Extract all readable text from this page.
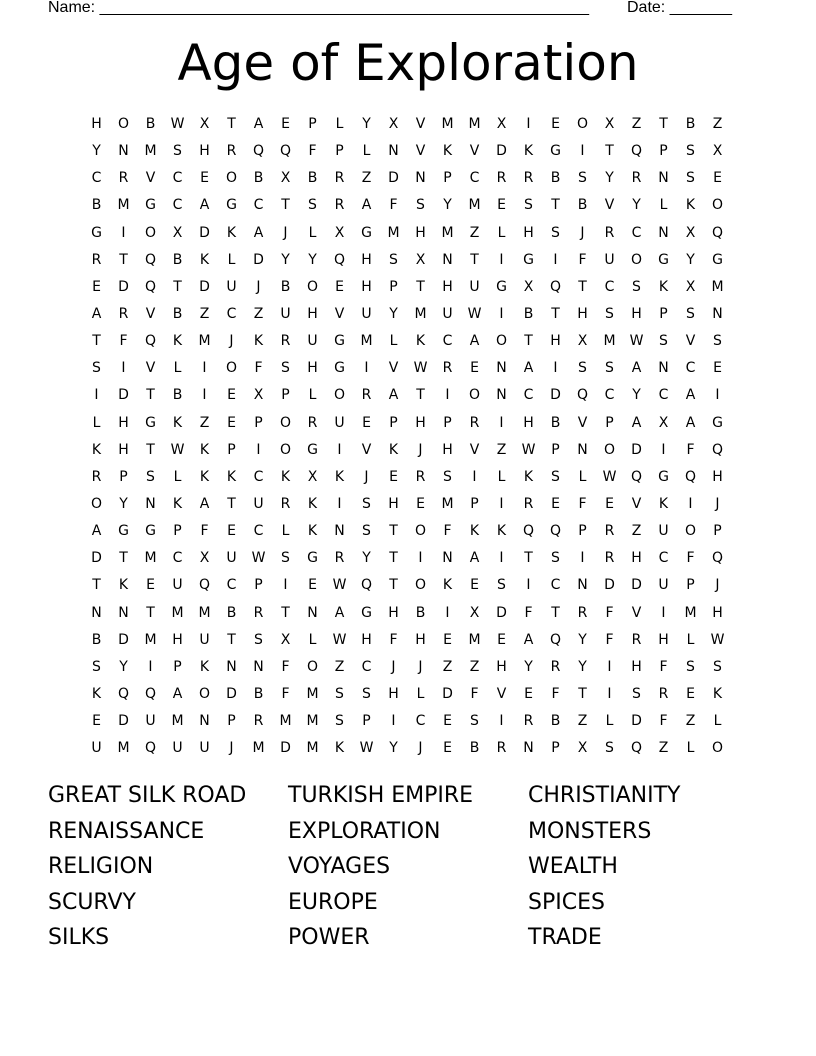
Name: _______________________________________________________ Date: _______
Age of Exploration
H	O	B	W	X	T	A	E	P	L	Y	X	V	M	M	X	I	E	O	X	Z	T	B	Z
Y	N	M	S	H	R	Q	Q	F	P	L	N	V	K	V	D	K	G	I	T	Q	P	S	X
C	R	V	C	E	O	B	X	B	R	Z	D	N	P	C	R	R	B	S	Y	R	N	S	E
B	M	G	C	A	G	C	T	S	R	A	F	S	Y	M	E	S	T	B	V	Y	L	K	O
G	I	O	X	D	K	A	J	L	X	G	M	H	M	Z	L	H	S	J	R	C	N	X	Q
R	T	Q	B	K	L	D	Y	Y	Q	H	S	X	N	T	I	G	I	F	U	O	G	Y	G
E	D	Q	T	D	U	J	B	O	E	H	P	T	H	U	G	X	Q	T	C	S	K	X	M
A	R	V	B	Z	C	Z	U	H	V	U	Y	M	U	W	I	B	T	H	S	H	P	S	N
T	F	Q	K	M	J	K	R	U	G	M	L	K	C	A	O	T	H	X	M	W	S	V	S
S	I	V	L	I	O	F	S	H	G	I	V	W	R	E	N	A	I	S	S	A	N	C	E
I	D	T	B	I	E	X	P	L	O	R	A	T	I	O	N	C	D	Q	C	Y	C	A	I
L	H	G	K	Z	E	P	O	R	U	E	P	H	P	R	I	H	B	V	P	A	X	A	G
K	H	T	W	K	P	I	O	G	I	V	K	J	H	V	Z	W	P	N	O	D	I	F	Q
R	P	S	L	K	K	C	K	X	K	J	E	R	S	I	L	K	S	L	W	Q	G	Q	H
O	Y	N	K	A	T	U	R	K	I	S	H	E	M	P	I	R	E	F	E	V	K	I	J
A	G	G	P	F	E	C	L	K	N	S	T	O	F	K	K	Q	Q	P	R	Z	U	O	P
D	T	M	C	X	U	W	S	G	R	Y	T	I	N	A	I	T	S	I	R	H	C	F	Q
T	K	E	U	Q	C	P	I	E	W	Q	T	O	K	E	S	I	C	N	D	D	U	P	J
N	N	T	M	M	B	R	T	N	A	G	H	B	I	X	D	F	T	R	F	V	I	M	H
B	D	M	H	U	T	S	X	L	W	H	F	H	E	M	E	A	Q	Y	F	R	H	L	W
S	Y	I	P	K	N	N	F	O	Z	C	J	J	Z	Z	H	Y	R	Y	I	H	F	S	S
K	Q	Q	A	O	D	B	F	M	S	S	H	L	D	F	V	E	F	T	I	S	R	E	K
E	D	U	M	N	P	R	M	M	S	P	I	C	E	S	I	R	B	Z	L	D	F	Z	L
U	M	Q	U	U	J	M	D	M	K	W	Y	J	E	B	R	N	P	X	S	Q	Z	L	O
GREAT SILK ROAD	TURKISH EMPIRE	CHRISTIANITY
RENAISSANCE	EXPLORATION	MONSTERS
RELIGION	VOYAGES	WEALTH
SCURVY	EUROPE	SPICES
SILKS	POWER	TRADE
